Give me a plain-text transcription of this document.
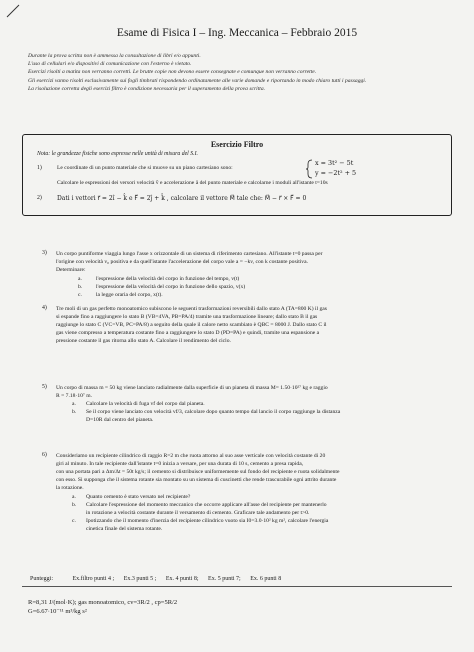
Esame di Fisica I – Ing. Meccanica – Febbraio 2015
Durante la prova scritta non è ammessa la consultazione di libri e/o appunti.
L'uso di cellulari e/o dispositivi di comunicazione con l'esterno è vietato.
Esercizi risolti a matita non verranno corretti. Le brutte copie non devono essere consegnate e comunque non verranno corrette.
Gli esercizi vanno risolti esclusivamente sui fogli timbrati rispondendo ordinatamente alle varie domande e riportando in modo chiaro tutti i passaggi.
La risoluzione corretta degli esercizi filtro è condizione necessaria per il superamento della prova scritta.
Esercizio Filtro
Nota: le grandezze fisiche sono espresse nelle unità di misura del S.I.
1)	Le coordinate di un punto materiale che si muove su un piano cartesiano sono:
x = 3t² − 5t
y = −2t² + 5
Calcolare le espressioni dei versori velocità v̂ e accelerazione â del punto materiale e calcolarne i moduli all'istante t=10s
2)	Dati i vettori r⃗ = 2î − k̂ e F⃗ = 2ĵ + k̂ , calcolare il vettore M⃗ tale che: M⃗ − r⃗ × F⃗ = 0
3) Un corpo puntiforme viaggia lungo l'asse x orizzontale di un sistema di riferimento cartesiano. All'istante t=0 passa per
l'origine con velocità v₀ positiva e da quell'istante l'accelerazione del corpo vale a = −kv, con k costante positiva.
Determinare:
a.	l'espressione della velocità del corpo in funzione del tempo, v(t)
b. l'espressione della velocità del corpo in funzione dello spazio, v(x)
c.	la legge oraria del corpo, x(t).
4) Tre moli di un gas perfetto monoatomico subiscono le seguenti trasformazioni reversibili dallo stato A (TA=800 K) il gas
si espande fino a raggiungere lo stato B (VB=4VA, PB=PA/4) tramite una trasformazione lineare; dallo stato B il gas
raggiunge lo stato C (VC=VB, PC=PA/8) a seguito della quale il calore netto scambiato è QBC = 8000 J. Dallo stato C il
gas viene compresso a temperatura costante fino a raggiungere lo stato D (PD=PA) e quindi, tramite una espansione a
pressione costante il gas ritorna allo stato A. Calcolare il rendimento del ciclo.
5) Un corpo di massa m = 50 kg viene lanciato radialmente dalla superficie di un pianeta di massa M= 1.50·10²⁷ kg e raggio
R = 7.18·10⁷ m.
a. Calcolare la velocità di fuga vf del corpo dal pianeta.
b. Se il corpo viene lanciato con velocità vf/3, calcolare dopo quanto tempo dal lancio il corpo raggiunge la distanza
D=10R dal centro del pianeta.
6) Consideriamo un recipiente cilindrico di raggio R=2 m che ruota attorno al suo asse verticale con velocità costante di 20
giri al minuto. In tale recipiente dall'istante t=0 inizia a versare, per una durata di 10 s, cemento a presa rapida,
con una portata pari a Δm/Δt = 50t kg/s; il cemento si distribuisce uniformemente sul fondo del recipiente e ruota solidalmente
con esso. Si supponga che il sistema rotante sia montato su un sistema di cuscinetti che rende trascurabile ogni attrito durante
la rotazione.
a. Quanto cemento è stato versato nel recipiente?
b. Calcolare l'espressione del momento meccanico che occorre applicare all'asse del recipiente per mantenerlo
in rotazione a velocità costante durante il versamento di cemento. Graficare tale andamento per t>0.
c. Ipotizzando che il momento d'inerzia del recipiente cilindrico vuoto sia I0=3.0·10² kg m², calcolare l'energia
cinetica finale del sistema rotante.
Punteggi:	Ex.filtro punti 4 ; Ex.3 punti 5 ; Ex. 4 punti 8; Ex. 5 punti 7; Ex. 6 punti 8
R=8,31 J/(mol·K); gas monoatomico, cv=3R/2 , cp=5R/2
G=6.67·10⁻¹¹ m³/kg s²
